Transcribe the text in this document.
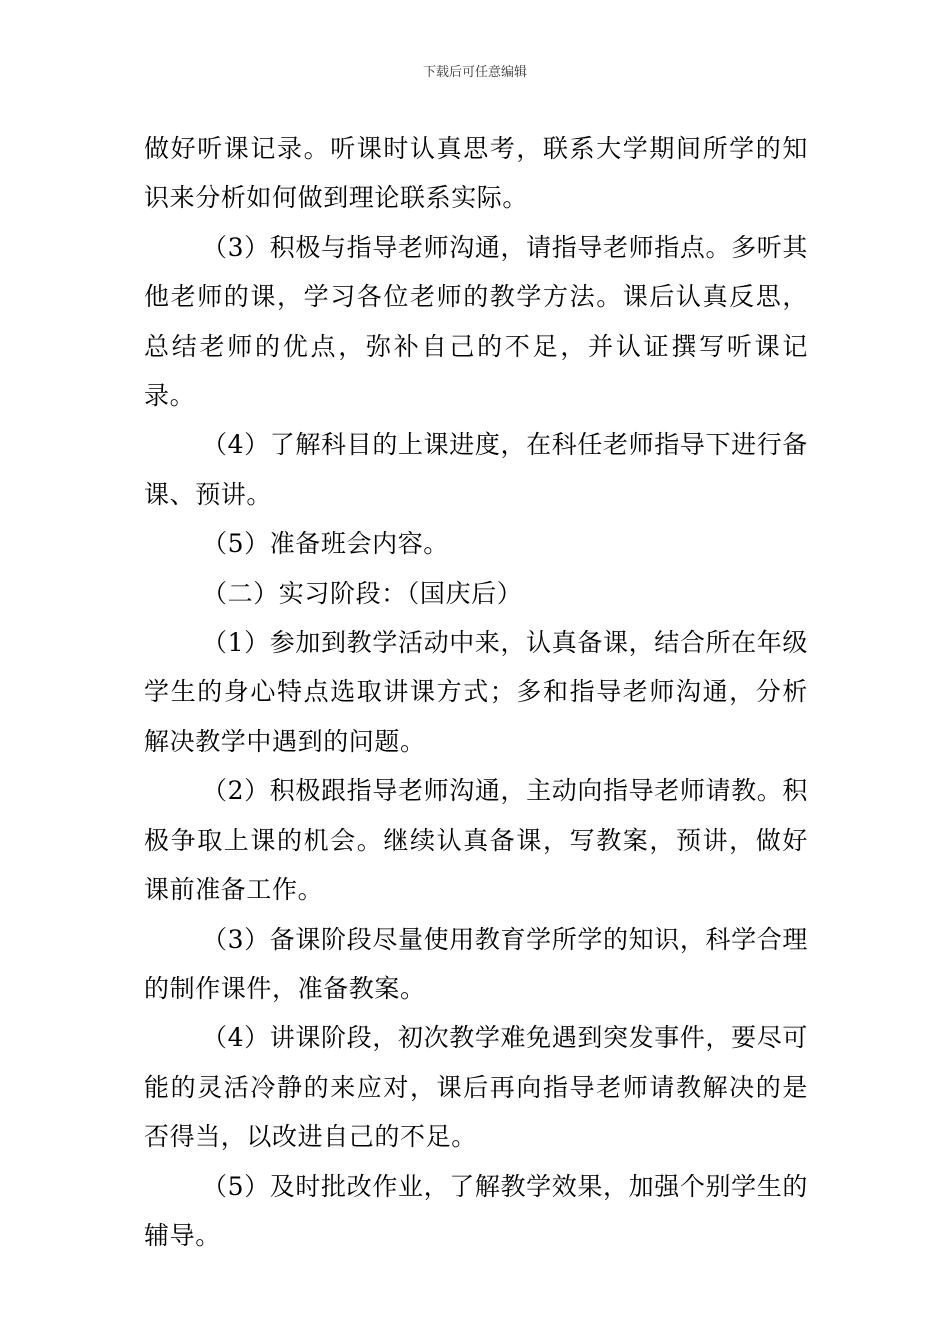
下载后可任意编辑

做好听课记录。听课时认真思考，联系大学期间所学的知识来分析如何做到理论联系实际。

（3）积极与指导老师沟通，请指导老师指点。多听其他老师的课，学习各位老师的教学方法。课后认真反思，总结老师的优点，弥补自己的不足，并认证撰写听课记录。

（4）了解科目的上课进度，在科任老师指导下进行备课、预讲。

（5）准备班会内容。

（二）实习阶段：（国庆后）

（1）参加到教学活动中来，认真备课，结合所在年级学生的身心特点选取讲课方式；多和指导老师沟通，分析解决教学中遇到的问题。

（2）积极跟指导老师沟通，主动向指导老师请教。积极争取上课的机会。继续认真备课，写教案，预讲，做好课前准备工作。

（3）备课阶段尽量使用教育学所学的知识，科学合理的制作课件，准备教案。

（4）讲课阶段，初次教学难免遇到突发事件，要尽可能的灵活冷静的来应对，课后再向指导老师请教解决的是否得当，以改进自己的不足。

（5）及时批改作业，了解教学效果，加强个别学生的辅导。
